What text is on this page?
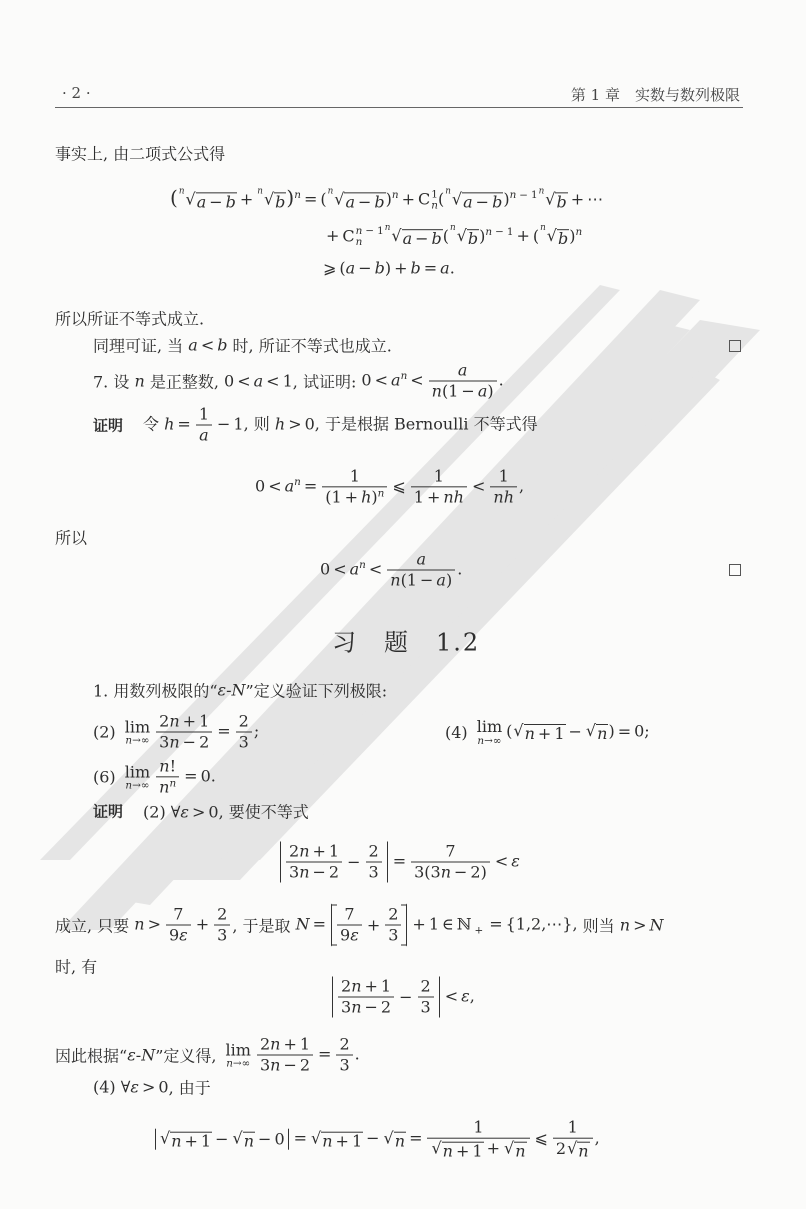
· 2 ·	第 1 章　实数与数列极限
事实上, 由二项式公式得
( n √ a − b + n √ b )$^n$ = ( n √ a − b )$^n$ + C 1
n ( n √ a − b )$^{n - 1}$ n √ b + ⋯
+ C n − 1
n
n √ a − b ( n √ b )$^{n - 1}$ + ( n √ b )$^n$
⩾ (a − b) + b = a.
所以所证不等式成立.
同理可证, 当 a < b 时, 所证不等式也成立.
7. 设 n 是正整数, 0 < a < 1 , 试证明: $0 < a^n < \frac{a}{n(1 - a)}$ .
证明 令 $h = \frac{1}{a} - 1$, 则 h > 0, 于是根据 Bernoulli 不等式得
$0 < a^n = \frac{1}{(1 + h)^n}$ ⩽ $\frac{1}{1 + nh} < \frac{1}{nh}$ ,
所以
$0 < a^n < \frac{a}{n(1 - a)}$ .
习　题　1.2
1. 用数列极限的“ ε-N ”定义验证下列极限:
(2) lim
$n\to\infty \frac{2n + 1}{3n - 2} = \frac{2}{3}$ ;	(4) lim
n→∞
( √ n + 1 − √ n ) = 0;
(6) lim
$n\to\infty \frac{n!}{n^n} = 0$.
证明 (2) ∀ε > 0, 要使不等式
$\frac{2n + 1}{3n - 2} - \frac{2}{3} = \frac{7}{3(3n - 2)} < \varepsilon$
成立, 只要 $n > \frac{7}{9\varepsilon} + \frac{2}{3}$ , 于是取 $N = \frac{7}{9\varepsilon} + \frac{2}{3} + 1$ ∈ ℕ $_+$ = {1,2,⋯}, 则当 n > N
时, 有
$\frac{2n + 1}{3n - 2} - \frac{2}{3} < \varepsilon$,
因此根据“ ε-N ”定义得, lim
$n\to\infty \frac{2n + 1}{3n - 2} = \frac{2}{3}$ .
(4) ∀ε > 0 , 由于
√ n + 1 − √ n − 0 = √ n + 1 − √ $n = \frac{1}{√ n + 1 + √ n}$ ⩽ $\frac{1}{2 √ n}$ ,
